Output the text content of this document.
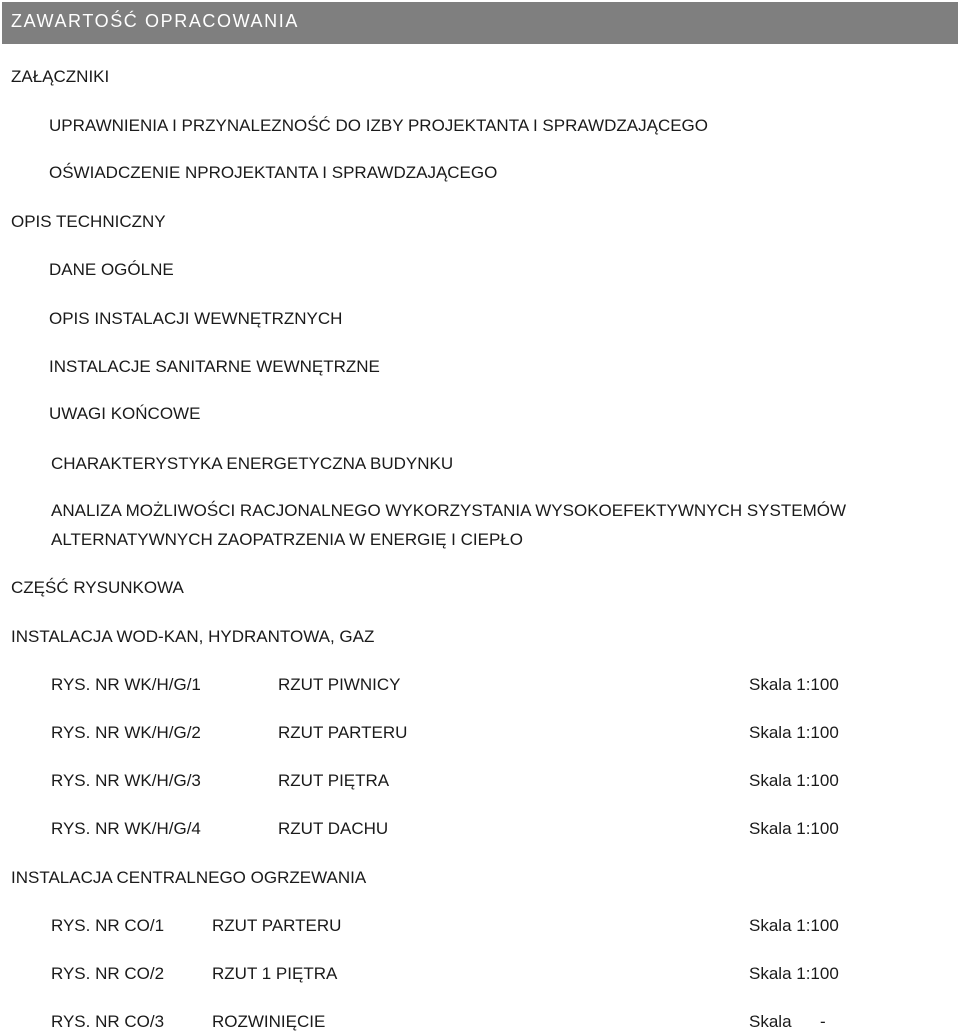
ZAWARTOŚĆ OPRACOWANIA
ZAŁĄCZNIKI
UPRAWNIENIA I PRZYNALEZNOŚĆ DO IZBY PROJEKTANTA I SPRAWDZAJĄCEGO
OŚWIADCZENIE NPROJEKTANTA I SPRAWDZAJĄCEGO
OPIS TECHNICZNY
DANE OGÓLNE
OPIS INSTALACJI WEWNĘTRZNYCH
INSTALACJE SANITARNE WEWNĘTRZNE
UWAGI KOŃCOWE
CHARAKTERYSTYKA ENERGETYCZNA BUDYNKU
ANALIZA MOŻLIWOŚCI RACJONALNEGO WYKORZYSTANIA WYSOKOEFEKTYWNYCH SYSTEMÓW ALTERNATYWNYCH ZAOPATRZENIA W ENERGIĘ I CIEPŁO
CZĘŚĆ RYSUNKOWA
INSTALACJA WOD-KAN, HYDRANTOWA, GAZ
RYS. NR WK/H/G/1	RZUT PIWNICY	Skala 1:100
RYS. NR WK/H/G/2	RZUT PARTERU	Skala 1:100
RYS. NR WK/H/G/3	RZUT PIĘTRA	Skala 1:100
RYS. NR WK/H/G/4	RZUT DACHU	Skala 1:100
INSTALACJA CENTRALNEGO OGRZEWANIA
RYS. NR CO/1	RZUT PARTERU	Skala 1:100
RYS. NR CO/2	RZUT 1 PIĘTRA	Skala 1:100
RYS. NR CO/3	ROZWINIĘCIE	Skala -
